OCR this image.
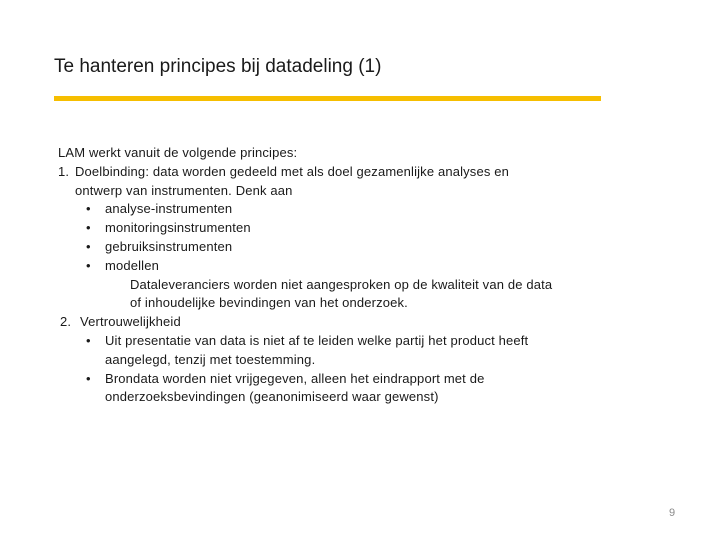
Te hanteren principes bij datadeling (1)
LAM werkt vanuit de volgende principes:
1. Doelbinding: data worden gedeeld met als doel gezamenlijke analyses en
ontwerp van instrumenten. Denk aan
• analyse-instrumenten
• monitoringsinstrumenten
• gebruiksinstrumenten
• modellen
Dataleveranciers worden niet aangesproken op de kwaliteit van de data
of inhoudelijke bevindingen van het onderzoek.
2. Vertrouwelijkheid
• Uit presentatie van data is niet af te leiden welke partij het product heeft
aangelegd, tenzij met toestemming.
• Brondata worden niet vrijgegeven, alleen het eindrapport met de
onderzoeksbevindingen (geanonimiseerd waar gewenst)
9
